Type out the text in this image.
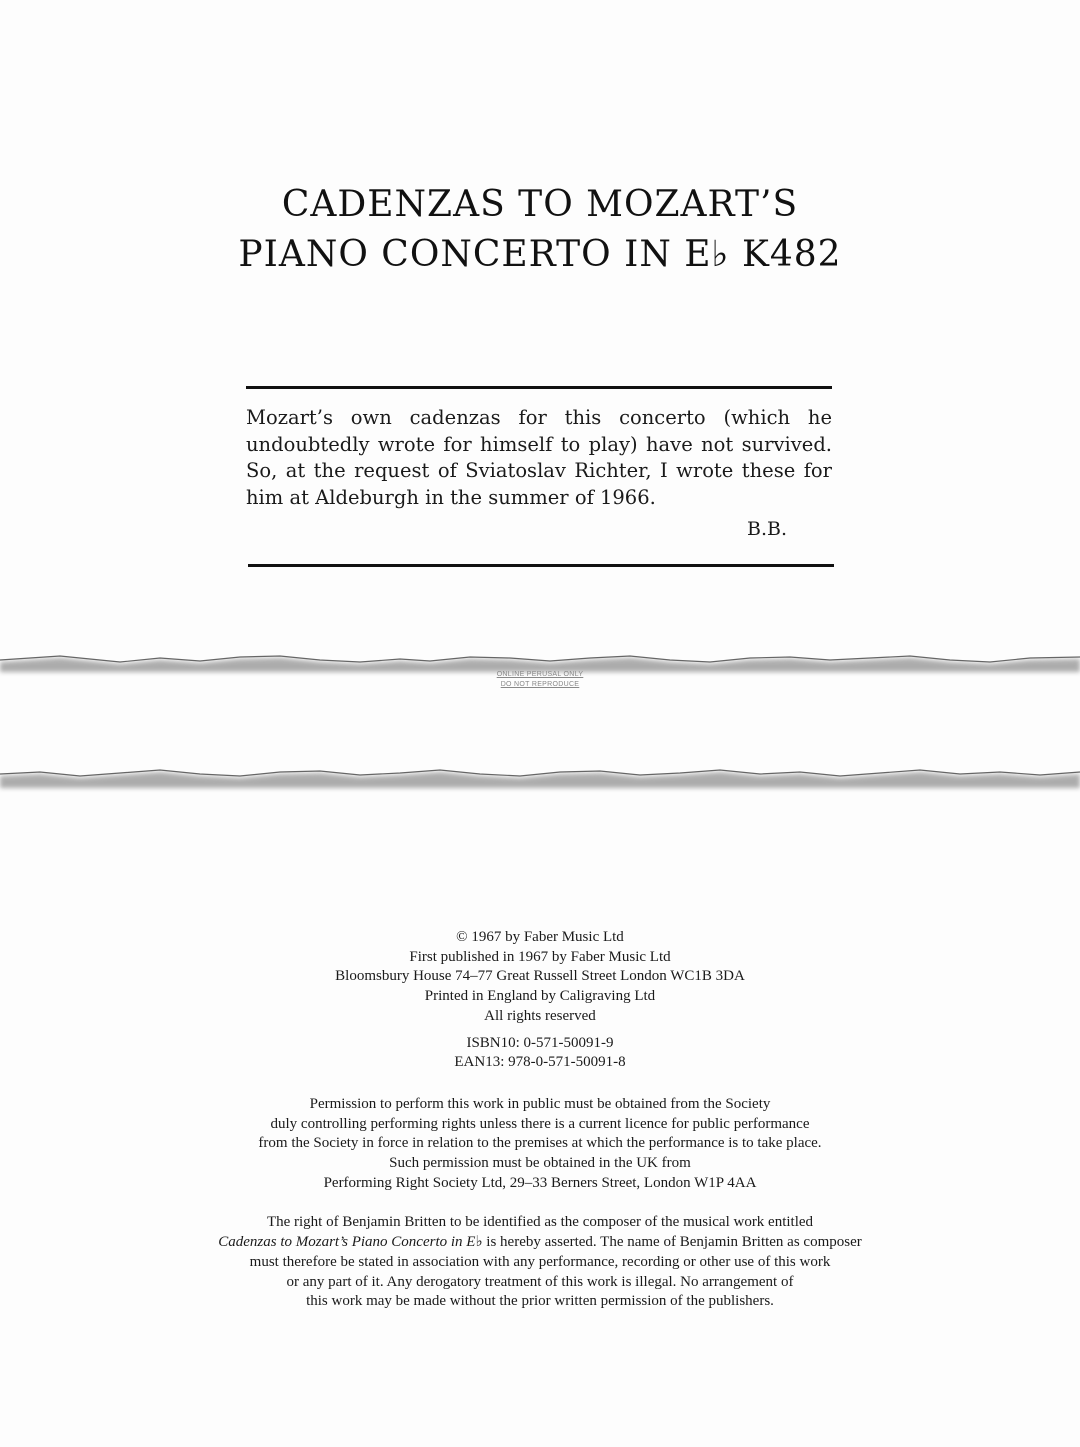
CADENZAS TO MOZART’S
PIANO CONCERTO IN E♭ K482
Mozart’s own cadenzas for this concerto (which he undoubtedly wrote for himself to play) have not survived. So, at the request of Sviatoslav Richter, I wrote these for him at Aldeburgh in the summer of 1966.
B.B.
ONLINE PERUSAL ONLY
DO NOT REPRODUCE
© 1967 by Faber Music Ltd
First published in 1967 by Faber Music Ltd
Bloomsbury House 74–77 Great Russell Street London WC1B 3DA
Printed in England by Caligraving Ltd
All rights reserved
ISBN10: 0-571-50091-9
EAN13: 978-0-571-50091-8
Permission to perform this work in public must be obtained from the Society
duly controlling performing rights unless there is a current licence for public performance
from the Society in force in relation to the premises at which the performance is to take place.
Such permission must be obtained in the UK from
Performing Right Society Ltd, 29–33 Berners Street, London W1P 4AA
The right of Benjamin Britten to be identified as the composer of the musical work entitled
Cadenzas to Mozart’s Piano Concerto in E♭ is hereby asserted. The name of Benjamin Britten as composer
must therefore be stated in association with any performance, recording or other use of this work
or any part of it. Any derogatory treatment of this work is illegal. No arrangement of
this work may be made without the prior written permission of the publishers.
